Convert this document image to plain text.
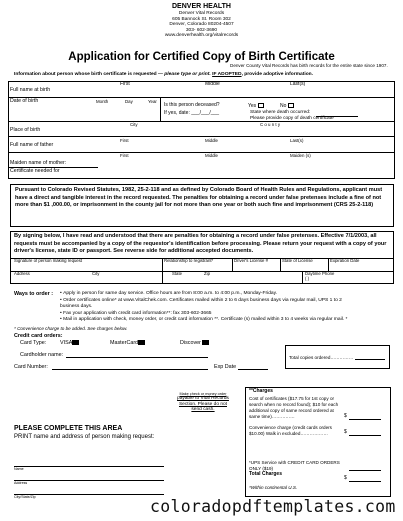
DENVER HEALTH
Denver Vital Records
605 Bannock St. Room 302
Denver, Colorado 80204-4507
303- 602-3690
www.denverhealth.org/vitalrecords
Application for Certified Copy of Birth Certificate
Denver County Vital Records has birth records for the entire state since 1907.
Information about person whose birth certificate is requested — please type or print. IF ADOPTED, provide adoptive information.
First	Middle	Last(s)
Full name at birth
Date of birth	Month	Day	Year
Is this person deceased?	Yes	No
If yes, date: ___/___/___	State where death occurred:
Please provide copy of death certificate
City	C o u n t y
Place of birth
First	Middle	Last(s)
Full name of father
First	Middle	Maiden (s)
Maiden name of mother:
Certificate needed for
Pursuant to Colorado Revised Statutes, 1982, 25-2-118 and as defined by Colorado Board of Health Rules and Regulations, applicant must have a direct and tangible interest in the record requested. The penalties for obtaining a record under false pretenses include a fine of not more than $1 ,000.00, or imprisonment in the county jail for not more than one year or both such fine and imprisonment (CRS 25-2-118)
By signing below, I have read and understood that there are penalties for obtaining a record under false pretenses. Effective 7/1/2003, all requests must be accompanied by a copy of the requestor's identification before processing. Please return your request with a copy of your driver's license, state ID or passport. See reverse side for additional accepted documents.
Signature of person making request	Relationship to registrant*	Driver's License #	State of License	Expiration Date
Address	City	State	Zip	Daytime Phone
( )
Ways to order : • Apply in person for same day service. Office hours are from 8:00 a.m. to 4:00 p.m., Monday-Friday.
• Order certificates online* at www.VitalChek.com. Certificates mailed within 2 to 6 days business days via regular mail, UPS 1 to 2 business days.
• Fax your application with credit card information**: fax 303-602-3665
• Mail in application with check, money order, or credit card information **. Certificate (s) mailed within 3 to 4 weeks via regular mail. *
* Convenience charge to be added. See charges below.
Credit card orders:
Card Type:	VISA	MasterCard	Discover
Cardholder name:
Card Number:	Exp Date
Total copies ordered……………
Make check or money order
payable to Vital Records
Section. Please do not
send cash.
**Charges
Cost of certificates ($17.75 for 1st copy or search when no record found); $10 for each additional copy of same record ordered at same time)……………	$
Convenience charge (credit cards orders $10.00) Walk in excluded………………	$
*UPS Service with CREDIT CARD ORDERS ONLY ($19)
Total Charges
$
*Within continental U.S.
PLEASE COMPLETE THIS AREA
PRINT name and address of person making request:
Name
Address
City/State/Zip	coloradopdftemplates.com
